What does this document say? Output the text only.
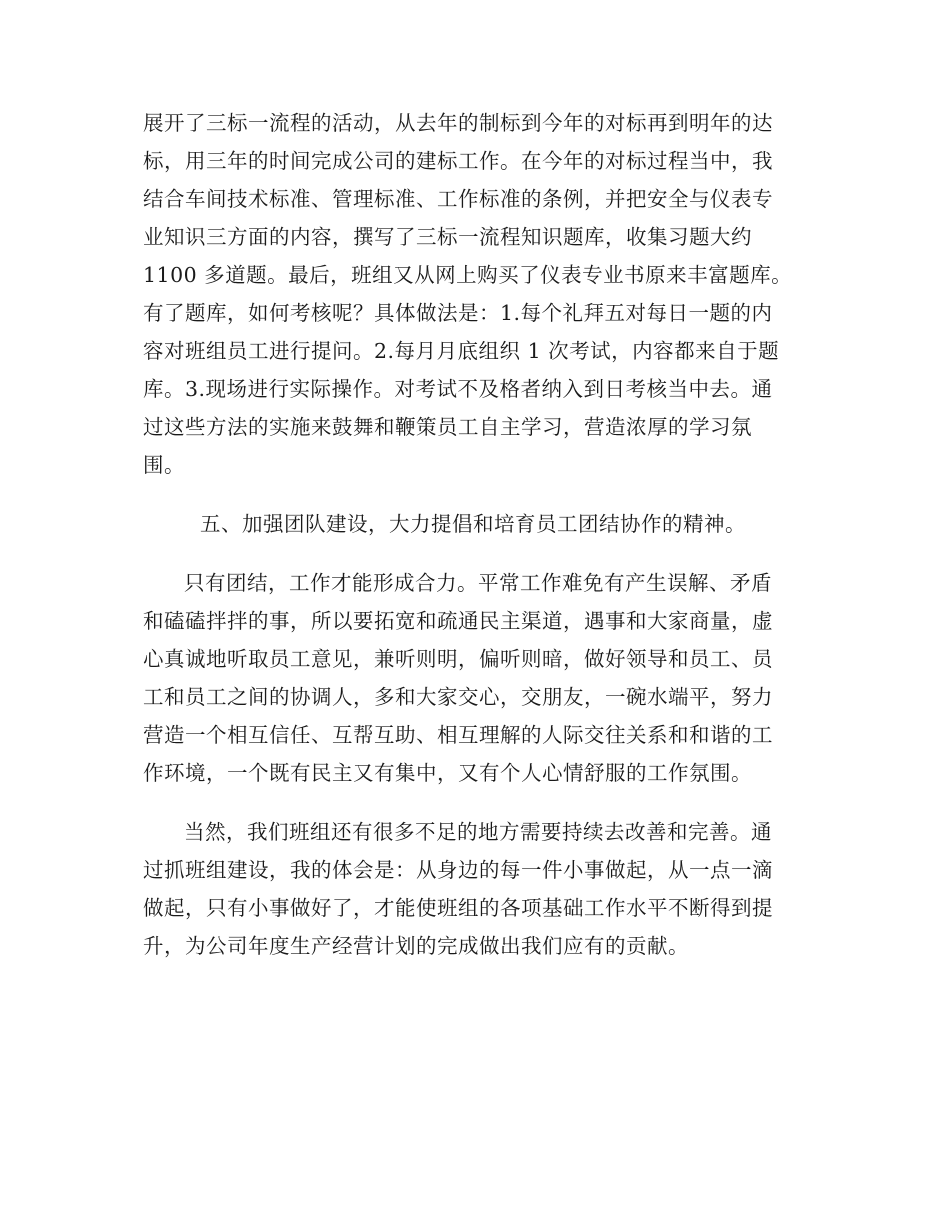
展开了三标一流程的活动，从去年的制标到今年的对标再到明年的达
标，用三年的时间完成公司的建标工作。在今年的对标过程当中，我
结合车间技术标准、管理标准、工作标准的条例，并把安全与仪表专
业知识三方面的内容，撰写了三标一流程知识题库，收集习题大约
1100 多道题。最后，班组又从网上购买了仪表专业书原来丰富题库。
有了题库，如何考核呢？具体做法是：1.每个礼拜五对每日一题的内
容对班组员工进行提问。2.每月月底组织 1 次考试，内容都来自于题
库。3.现场进行实际操作。对考试不及格者纳入到日考核当中去。通
过这些方法的实施来鼓舞和鞭策员工自主学习，营造浓厚的学习氛
围。
五、加强团队建设，大力提倡和培育员工团结协作的精神。
只有团结，工作才能形成合力。平常工作难免有产生误解、矛盾
和磕磕拌拌的事，所以要拓宽和疏通民主渠道，遇事和大家商量，虚
心真诚地听取员工意见，兼听则明，偏听则暗，做好领导和员工、员
工和员工之间的协调人，多和大家交心，交朋友，一碗水端平，努力
营造一个相互信任、互帮互助、相互理解的人际交往关系和和谐的工
作环境，一个既有民主又有集中，又有个人心情舒服的工作氛围。
当然，我们班组还有很多不足的地方需要持续去改善和完善。通
过抓班组建设，我的体会是：从身边的每一件小事做起，从一点一滴
做起，只有小事做好了，才能使班组的各项基础工作水平不断得到提
升，为公司年度生产经营计划的完成做出我们应有的贡献。
